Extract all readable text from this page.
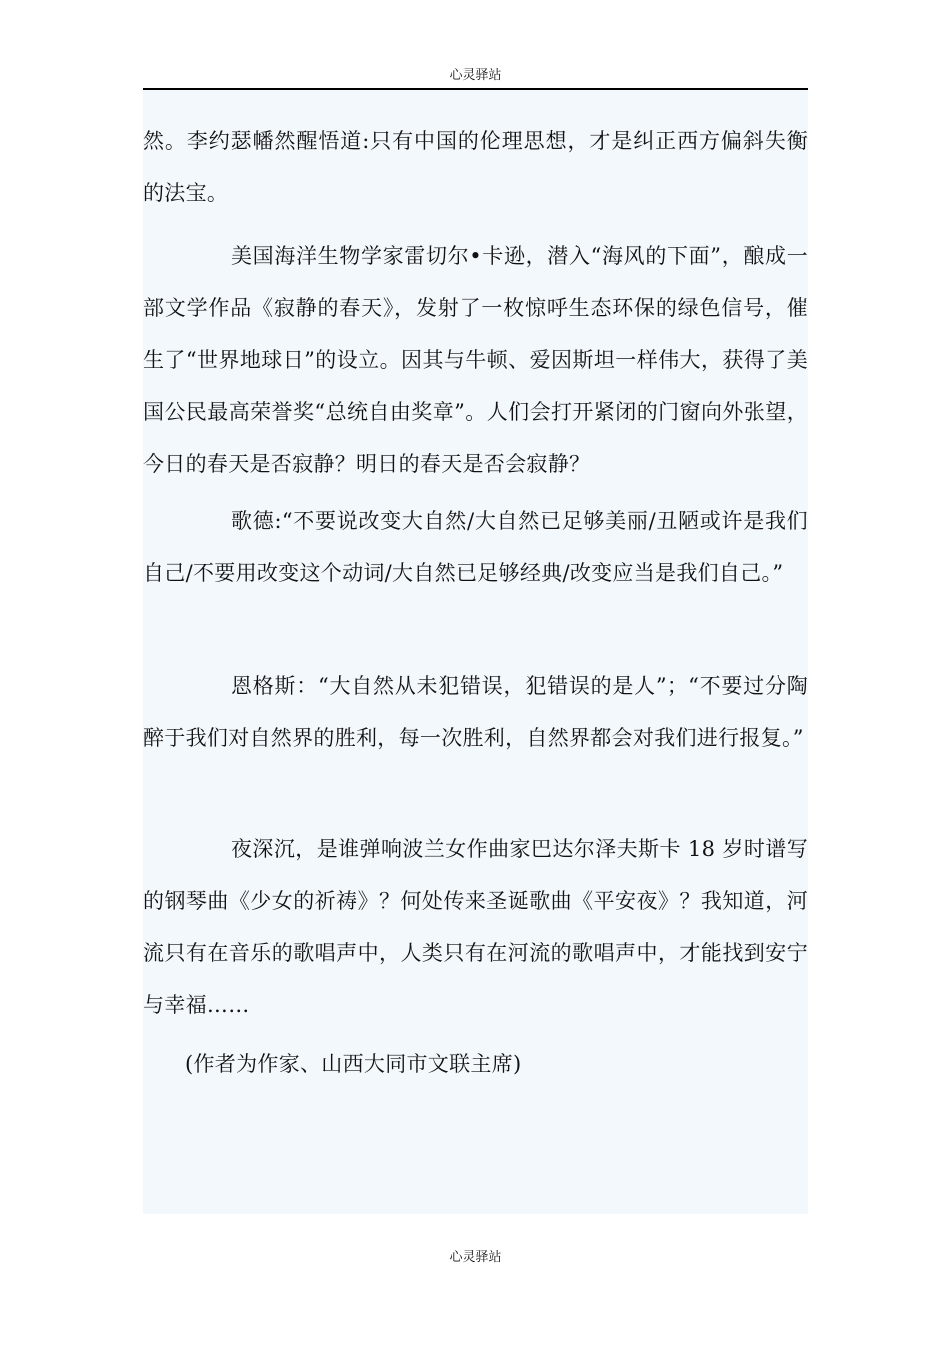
心灵驿站

然。李约瑟幡然醒悟道:只有中国的伦理思想，才是纠正西方偏斜失衡的法宝。

美国海洋生物学家雷切尔•卡逊，潜入“海风的下面”，酿成一部文学作品《寂静的春天》，发射了一枚惊呼生态环保的绿色信号，催生了“世界地球日”的设立。因其与牛顿、爱因斯坦一样伟大，获得了美国公民最高荣誉奖“总统自由奖章”。人们会打开紧闭的门窗向外张望，今日的春天是否寂静？明日的春天是否会寂静？

歌德:“不要说改变大自然/大自然已足够美丽/丑陋或许是我们自己/不要用改变这个动词/大自然已足够经典/改变应当是我们自己。”

恩格斯：“大自然从未犯错误，犯错误的是人”；“不要过分陶醉于我们对自然界的胜利，每一次胜利，自然界都会对我们进行报复。”

夜深沉，是谁弹响波兰女作曲家巴达尔泽夫斯卡 18 岁时谱写的钢琴曲《少女的祈祷》？何处传来圣诞歌曲《平安夜》？我知道，河流只有在音乐的歌唱声中，人类只有在河流的歌唱声中，才能找到安宁与幸福……

(作者为作家、山西大同市文联主席)

心灵驿站
